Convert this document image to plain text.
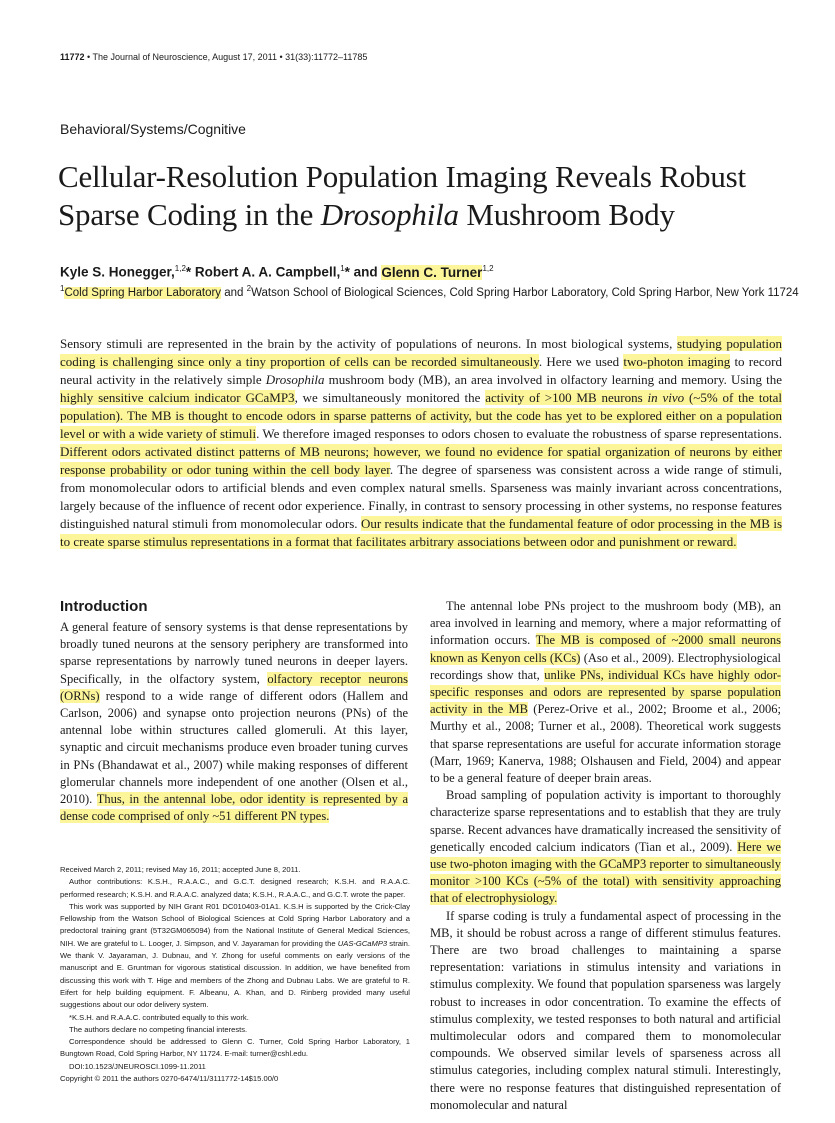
11772 • The Journal of Neuroscience, August 17, 2011 • 31(33):11772–11785
Behavioral/Systems/Cognitive
Cellular-Resolution Population Imaging Reveals Robust
Sparse Coding in the Drosophila Mushroom Body
Kyle S. Honegger,$^{1,2}$* Robert A. A. Campbell,$^1$* and Glenn C. Turner$^{1,2}$
$^1$Cold Spring Harbor Laboratory and $^2$Watson School of Biological Sciences, Cold Spring Harbor Laboratory, Cold Spring Harbor, New York 11724

Sensory stimuli are represented in the brain by the activity of populations of neurons. In most biological systems, studying population coding is challenging since only a tiny proportion of cells can be recorded simultaneously. Here we used two-photon imaging to record neural activity in the relatively simple Drosophila mushroom body (MB), an area involved in olfactory learning and memory. Using the highly sensitive calcium indicator GCaMP3, we simultaneously monitored the activity of >100 MB neurons in vivo (~5% of the total population). The MB is thought to encode odors in sparse patterns of activity, but the code has yet to be explored either on a population level or with a wide variety of stimuli. We therefore imaged responses to odors chosen to evaluate the robustness of sparse representations. Different odors activated distinct patterns of MB neurons; however, we found no evidence for spatial organization of neurons by either response probability or odor tuning within the cell body layer. The degree of sparseness was consistent across a wide range of stimuli, from monomolecular odors to artificial blends and even complex natural smells. Sparseness was mainly invariant across concentrations, largely because of the influence of recent odor experience. Finally, in contrast to sensory processing in other systems, no response features distinguished natural stimuli from monomolecular odors. Our results indicate that the fundamental feature of odor processing in the MB is to create sparse stimulus representations in a format that facilitates arbitrary associations between odor and punishment or reward.

Introduction

A general feature of sensory systems is that dense representations by broadly tuned neurons at the sensory periphery are transformed into sparse representations by narrowly tuned neurons in deeper layers. Specifically, in the olfactory system, olfactory receptor neurons (ORNs) respond to a wide range of different odors (Hallem and Carlson, 2006) and synapse onto projection neurons (PNs) of the antennal lobe within structures called glomeruli. At this layer, synaptic and circuit mechanisms produce even broader tuning curves in PNs (Bhandawat et al., 2007) while making responses of different glomerular channels more independent of one another (Olsen et al., 2010). Thus, in the antennal lobe, odor identity is represented by a dense code comprised of only ~51 different PN types.

The antennal lobe PNs project to the mushroom body (MB), an area involved in learning and memory, where a major reformatting of information occurs. The MB is composed of ~2000 small neurons known as Kenyon cells (KCs) (Aso et al., 2009). Electrophysiological recordings show that, unlike PNs, individual KCs have highly odor-specific responses and odors are represented by sparse population activity in the MB (Perez-Orive et al., 2002; Broome et al., 2006; Murthy et al., 2008; Turner et al., 2008). Theoretical work suggests that sparse representations are useful for accurate information storage (Marr, 1969; Kanerva, 1988; Olshausen and Field, 2004) and appear to be a general feature of deeper brain areas.

Broad sampling of population activity is important to thoroughly characterize sparse representations and to establish that they are truly sparse. Recent advances have dramatically increased the sensitivity of genetically encoded calcium indicators (Tian et al., 2009). Here we use two-photon imaging with the GCaMP3 reporter to simultaneously monitor >100 KCs (~5% of the total) with sensitivity approaching that of electrophysiology.

If sparse coding is truly a fundamental aspect of processing in the MB, it should be robust across a range of different stimulus features. There are two broad challenges to maintaining a sparse representation: variations in stimulus intensity and variations in stimulus complexity. We found that population sparseness was largely robust to increases in odor concentration. To examine the effects of stimulus complexity, we tested responses to both natural and artificial multimolecular odors and compared them to monomolecular compounds. We observed similar levels of sparseness across all stimulus categories, including complex natural stimuli. Interestingly, there were no response features that distinguished representation of monomolecular and natural

Received March 2, 2011; revised May 16, 2011; accepted June 8, 2011.

Author contributions: K.S.H., R.A.A.C., and G.C.T. designed research; K.S.H. and R.A.A.C. performed research; K.S.H. and R.A.A.C. analyzed data; K.S.H., R.A.A.C., and G.C.T. wrote the paper.

This work was supported by NIH Grant R01 DC010403-01A1. K.S.H is supported by the Crick-Clay Fellowship from the Watson School of Biological Sciences at Cold Spring Harbor Laboratory and a predoctoral training grant (5T32GM065094) from the National Institute of General Medical Sciences, NIH. We are grateful to L. Looger, J. Simpson, and V. Jayaraman for providing the UAS-GCaMP3 strain. We thank V. Jayaraman, J. Dubnau, and Y. Zhong for useful comments on early versions of the manuscript and E. Gruntman for vigorous statistical discussion. In addition, we have benefited from discussing this work with T. Hige and members of the Zhong and Dubnau Labs. We are grateful to R. Eifert for help building equipment. F. Albeanu, A. Khan, and D. Rinberg provided many useful suggestions about our odor delivery system.

*K.S.H. and R.A.A.C. contributed equally to this work.

The authors declare no competing financial interests.

Correspondence should be addressed to Glenn C. Turner, Cold Spring Harbor Laboratory, 1 Bungtown Road, Cold Spring Harbor, NY 11724. E-mail: turner@cshl.edu.

DOI:10.1523/JNEUROSCI.1099-11.2011

Copyright © 2011 the authors 0270-6474/11/3111772-14$15.00/0
